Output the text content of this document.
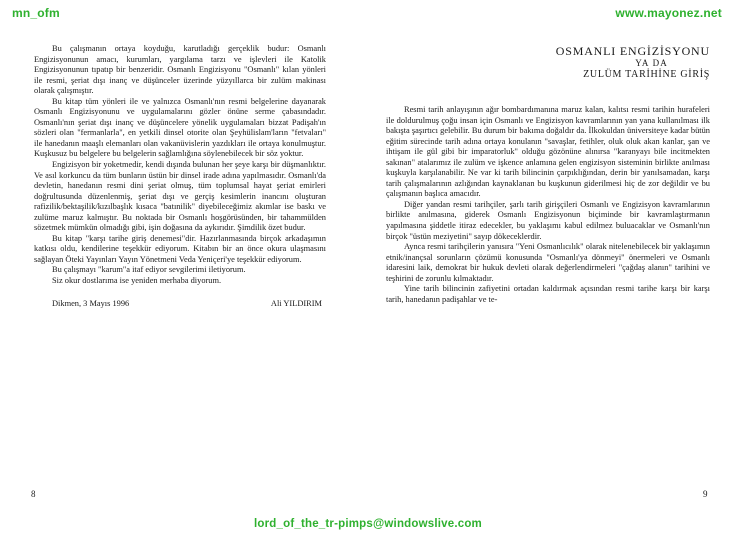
mn_ofm	www.mayonez.net

Bu çalışmanın ortaya koyduğu, karutladığı gerçeklik budur: Osmanlı Engizisyonunun amacı, kurumları, yargılama tarzı ve işlevleri ile Katolik Engizisyonunun tıpatıp bir benzeridir. Osmanlı Engizisyonu "Osmanlı" kılan yönleri ile resmi, şeriat dışı inanç ve düşünceler üzerinde yüzyıllarca bir zulüm makinası olarak çalışmıştır.

Bu kitap tüm yönleri ile ve yalnızca Osmanlı'nın resmi belgelerine dayanarak Osmanlı Engizisyonunu ve uygulamalarını gözler önüne serme çabasındadır. Osmanlı'nın şeriat dışı inanç ve düşüncelere yönelik uygulamaları bizzat Padişah'ın sözleri olan "fermanlarla", en yetkili dinsel otorite olan Şeyhülislam'ların "fetvaları" ile hanedanın maaşlı elemanları olan vakanüvislerin yazdıkları ile ortaya konulmuştur. Kuşkusuz bu belgelere bu belgelerin sağlamlığına söylenebilecek bir söz yoktur.

Engizisyon bir yoketmedir, kendi dışında bulunan her şeye karşı bir düşmanlıktır. Ve asıl korkuncu da tüm bunların üstün bir dinsel irade adına yapılmasıdır. Osmanlı'da devletin, hanedanın resmi dini şeriat olmuş, tüm toplumsal hayat şeriat emirleri doğrultusunda düzenlenmiş, şeriat dışı ve gerçiş kesimlerin inancını oluşturan rafizilik/bektaşilik/kızılbaşlık kısaca "batınilik" diyebileceğimiz akımlar ise baskı ve zulüme maruz kalmıştır. Bu noktada bir Osmanlı hoşgörüsünden, bir tahammülden sözetmek mümkün olmadığı gibi, işin doğasına da aykırıdır. Şimdilik özet budur.

Bu kitap "karşı tarihe giriş denemesi"dir. Hazırlanmasında birçok arkadaşımın katkısı oldu, kendilerine teşekkür ediyorum. Kitabın bir an önce okura ulaşmasını sağlayan Öteki Yayınları Yayın Yönetmeni Veda Yeniçeri'ye teşekkür ediyorum.

Bu çalışmayı "karum"a itaf ediyor sevgilerimi iletiyorum.

Siz okur dostlarıma ise yeniden merhaba diyorum.

Dikmen, 3 Mayıs 1996	Ali YILDIRIM
8
OSMANLI ENGİZİSYONU
YA DA
ZULÜM TARİHİNE GİRİŞ

Resmi tarih anlayışının ağır bombardımanına maruz kalan, kalıtsı resmi tarihin hurafeleri ile doldurulmuş çoğu insan için Osmanlı ve Engizisyon kavramlarının yan yana kullanılması ilk bakışta şaşırtıcı gelebilir. Bu durum bir bakıma doğaldır da. İlkokuldan üniversiteye kadar bütün eğitim sürecinde tarih adına ortaya konulanın "savaşlar, fetihler, oluk oluk akan kanlar, şan ve ihtişam ile gül gibi bir imparatorluk" olduğu gözönüne alınırsa "karanyayı bile incitmekten sakınan" atalarımız ile zulüm ve işkence anlamına gelen engizisyon sisteminin birlikte anılması kuşkuyla karşılanabilir. Ne var ki tarih bilincinin çarpıklığından, derin bir yanılsamadan, karşı tarih çalışmalarının azlığından kaynaklanan bu kuşkunun giderilmesi hiç de zor değildir ve bu çalışmanın başlıca amacıdır.

Diğer yandan resmi tarihçiler, şarlı tarih girişçileri Osmanlı ve Engizisyon kavramlarının birlikte anılmasına, giderek Osmanlı Engizisyonun biçiminde bir kavramlaştırmanın yapılmasına şiddetle itiraz edecekler, bu yaklaşımı kabul edilmez buluacaklar ve Osmanlı'nın birçok "üstün meziyetini" sayıp dökeceklerdir.

Aynca resmi tarihçilerin yanısıra "Yeni Osmanlıcılık" olarak nitelenebilecek bir yaklaşımın etnik/inançsal sorunların çözümü konusunda "Osmanlı'ya dönmeyi" önermeleri ve Osmanlı idaresini laik, demokrat bir hukuk devleti olarak değerlendirmeleri "çağdaş alanın" tarihini ve teşhirini de zorunlu kılmaktadır.

Yine tarih bilincinin zafiyetini ortadan kaldırmak açısından resmi tarihe karşı bir karşı tarih, hanedanın padişahlar ve te-

9
lord_of_the_tr-pimps@windowslive.com
